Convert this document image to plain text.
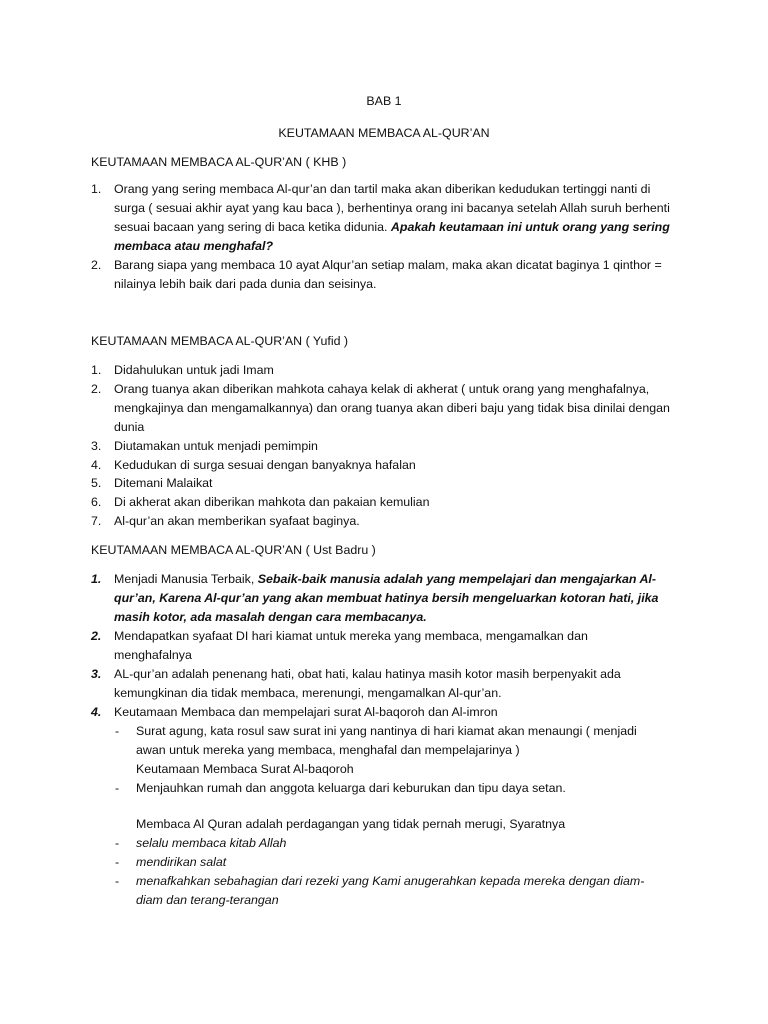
BAB 1
KEUTAMAAN MEMBACA AL-QUR’AN
KEUTAMAAN MEMBACA AL-QUR’AN ( KHB )
1. Orang yang sering membaca Al-qur’an dan tartil maka akan diberikan kedudukan tertinggi nanti di
surga ( sesuai akhir ayat yang kau baca ), berhentinya orang ini bacanya setelah Allah suruh berhenti
sesuai bacaan yang sering di baca ketika didunia. Apakah keutamaan ini untuk orang yang sering
membaca atau menghafal?
2. Barang siapa yang membaca 10 ayat Alqur’an setiap malam, maka akan dicatat baginya 1 qinthor =
nilainya lebih baik dari pada dunia dan seisinya.
KEUTAMAAN MEMBACA AL-QUR’AN ( Yufid )
1. Didahulukan untuk jadi Imam
2. Orang tuanya akan diberikan mahkota cahaya kelak di akherat ( untuk orang yang menghafalnya,
mengkajinya dan mengamalkannya) dan orang tuanya akan diberi baju yang tidak bisa dinilai dengan
dunia
3. Diutamakan untuk menjadi pemimpin
4. Kedudukan di surga sesuai dengan banyaknya hafalan
5. Ditemani Malaikat
6. Di akherat akan diberikan mahkota dan pakaian kemulian
7. Al-qur’an akan memberikan syafaat baginya.
KEUTAMAAN MEMBACA AL-QUR’AN ( Ust Badru )
1. Menjadi Manusia Terbaik, Sebaik-baik manusia adalah yang mempelajari dan mengajarkan Al-
qur’an, Karena Al-qur’an yang akan membuat hatinya bersih mengeluarkan kotoran hati, jika
masih kotor, ada masalah dengan cara membacanya.
2. Mendapatkan syafaat DI hari kiamat untuk mereka yang membaca, mengamalkan dan
menghafalnya
3. AL-qur’an adalah penenang hati, obat hati, kalau hatinya masih kotor masih berpenyakit ada
kemungkinan dia tidak membaca, merenungi, mengamalkan Al-qur’an.
4. Keutamaan Membaca dan mempelajari surat Al-baqoroh dan Al-imron
- Surat agung, kata rosul saw surat ini yang nantinya di hari kiamat akan menaungi ( menjadi
awan untuk mereka yang membaca, menghafal dan mempelajarinya )
Keutamaan Membaca Surat Al-baqoroh
- Menjauhkan rumah dan anggota keluarga dari keburukan dan tipu daya setan.
Membaca Al Quran adalah perdagangan yang tidak pernah merugi, Syaratnya
- selalu membaca kitab Allah
- mendirikan salat
- menafkahkan sebahagian dari rezeki yang Kami anugerahkan kepada mereka dengan diam-
diam dan terang-terangan
